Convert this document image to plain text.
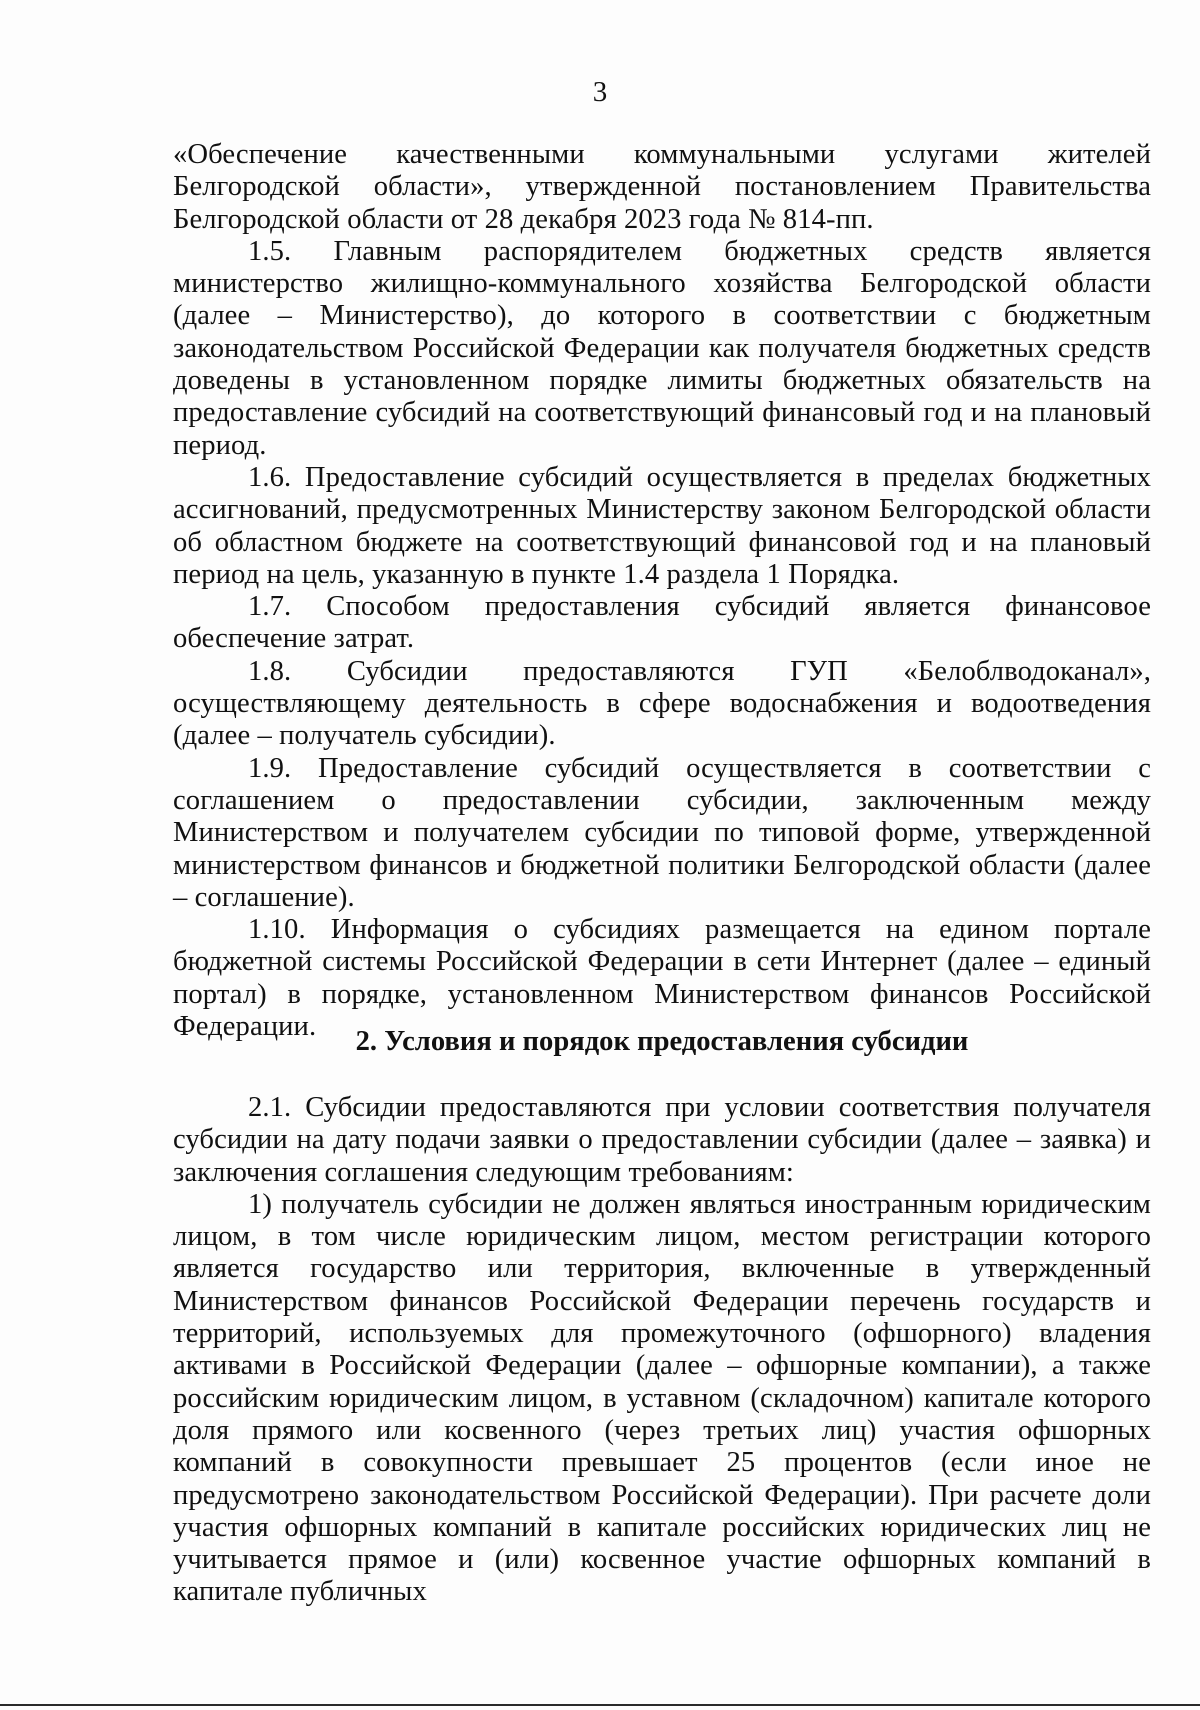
3

«Обеспечение качественными коммунальными услугами жителей Белгородской области», утвержденной постановлением Правительства Белгородской области от 28 декабря 2023 года № 814-пп.

1.5. Главным распорядителем бюджетных средств является министерство жилищно-коммунального хозяйства Белгородской области (далее – Министерство), до которого в соответствии с бюджетным законодательством Российской Федерации как получателя бюджетных средств доведены в установленном порядке лимиты бюджетных обязательств на предоставление субсидий на соответствующий финансовый год и на плановый период.

1.6. Предоставление субсидий осуществляется в пределах бюджетных ассигнований, предусмотренных Министерству законом Белгородской области об областном бюджете на соответствующий финансовой год и на плановый период на цель, указанную в пункте 1.4 раздела 1 Порядка.

1.7. Способом предоставления субсидий является финансовое обеспечение затрат.

1.8. Субсидии предоставляются ГУП «Белоблводоканал», осуществляющему деятельность в сфере водоснабжения и водоотведения (далее – получатель субсидии).

1.9. Предоставление субсидий осуществляется в соответствии с соглашением о предоставлении субсидии, заключенным между Министерством и получателем субсидии по типовой форме, утвержденной министерством финансов и бюджетной политики Белгородской области (далее – соглашение).

1.10. Информация о субсидиях размещается на едином портале бюджетной системы Российской Федерации в сети Интернет (далее – единый портал) в порядке, установленном Министерством финансов Российской Федерации.	2. Условия и порядок предоставления субсидии

2.1. Субсидии предоставляются при условии соответствия получателя субсидии на дату подачи заявки о предоставлении субсидии (далее – заявка) и заключения соглашения следующим требованиям:

1) получатель субсидии не должен являться иностранным юридическим лицом, в том числе юридическим лицом, местом регистрации которого является государство или территория, включенные в утвержденный Министерством финансов Российской Федерации перечень государств и территорий, используемых для промежуточного (офшорного) владения активами в Российской Федерации (далее – офшорные компании), а также российским юридическим лицом, в уставном (складочном) капитале которого доля прямого или косвенного (через третьих лиц) участия офшорных компаний в совокупности превышает 25 процентов (если иное не предусмотрено законодательством Российской Федерации). При расчете доли участия офшорных компаний в капитале российских юридических лиц не учитывается прямое и (или) косвенное участие офшорных компаний в капитале публичных
